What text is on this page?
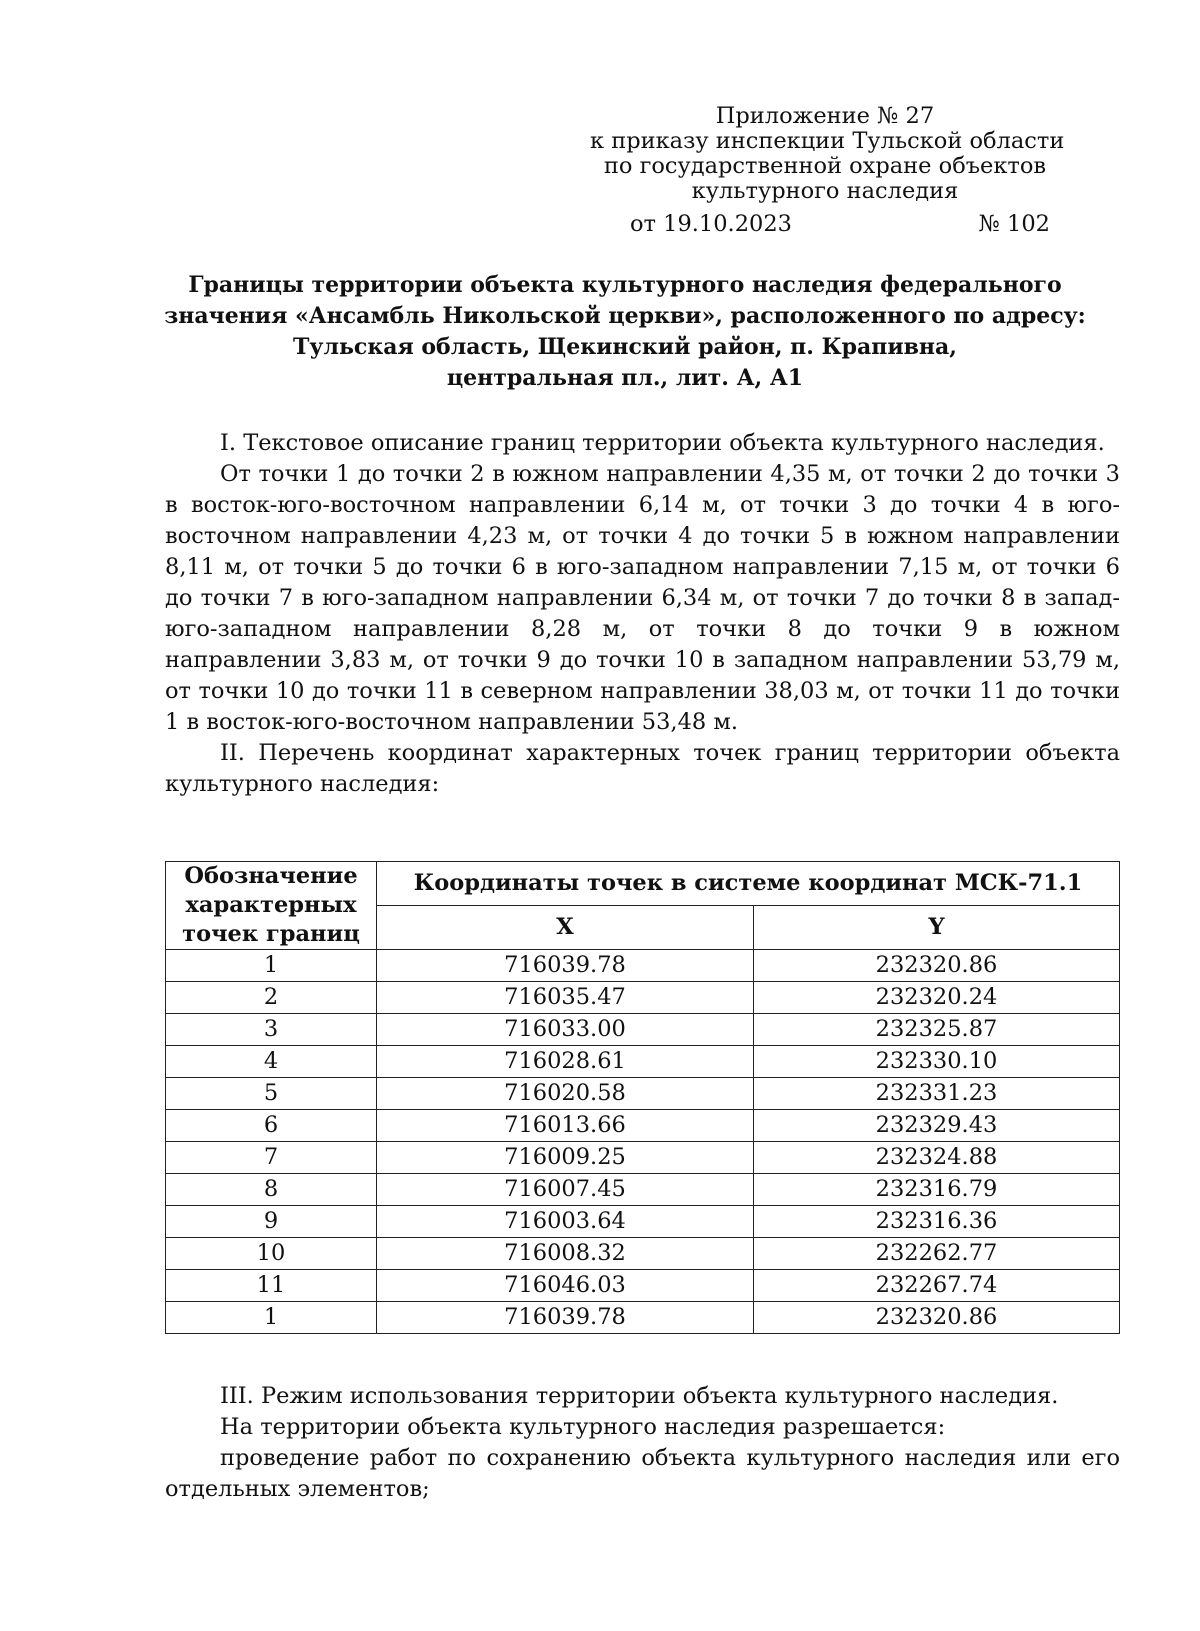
Приложение № 27
к приказу инспекции Тульской области
по государственной охране объектов
культурного наследия
от 19.10.2023	№ 102
Границы территории объекта культурного наследия федерального
значения «Ансамбль Никольской церкви», расположенного по адресу:
Тульская область, Щекинский район, п. Крапивна,
центральная пл., лит. А, А1

I. Текстовое описание границ территории объекта культурного наследия.

От точки 1 до точки 2 в южном направлении 4,35 м, от точки 2 до точки 3 в восток-юго-восточном направлении 6,14 м, от точки 3 до точки 4 в юго-восточном направлении 4,23 м, от точки 4 до точки 5 в южном направлении 8,11 м, от точки 5 до точки 6 в юго-западном направлении 7,15 м, от точки 6 до точки 7 в юго-западном направлении 6,34 м, от точки 7 до точки 8 в запад-юго-западном направлении 8,28 м, от точки 8 до точки 9 в южном направлении 3,83 м, от точки 9 до точки 10 в западном направлении 53,79 м, от точки 10 до точки 11 в северном направлении 38,03 м, от точки 11 до точки 1 в восток-юго-восточном направлении 53,48 м.

II. Перечень координат характерных точек границ территории объекта культурного наследия:

Обозначение характерных точек границ	Координаты точек в системе координат МСК-71.1	
	X	Y
1	716039.78	232320.86
2	716035.47	232320.24
3	716033.00	232325.87
4	716028.61	232330.10
5	716020.58	232331.23
6	716013.66	232329.43
7	716009.25	232324.88
8	716007.45	232316.79
9	716003.64	232316.36
10	716008.32	232262.77
11	716046.03	232267.74
1	716039.78	232320.86

III. Режим использования территории объекта культурного наследия.

На территории объекта культурного наследия разрешается:

проведение работ по сохранению объекта культурного наследия или его отдельных элементов;
